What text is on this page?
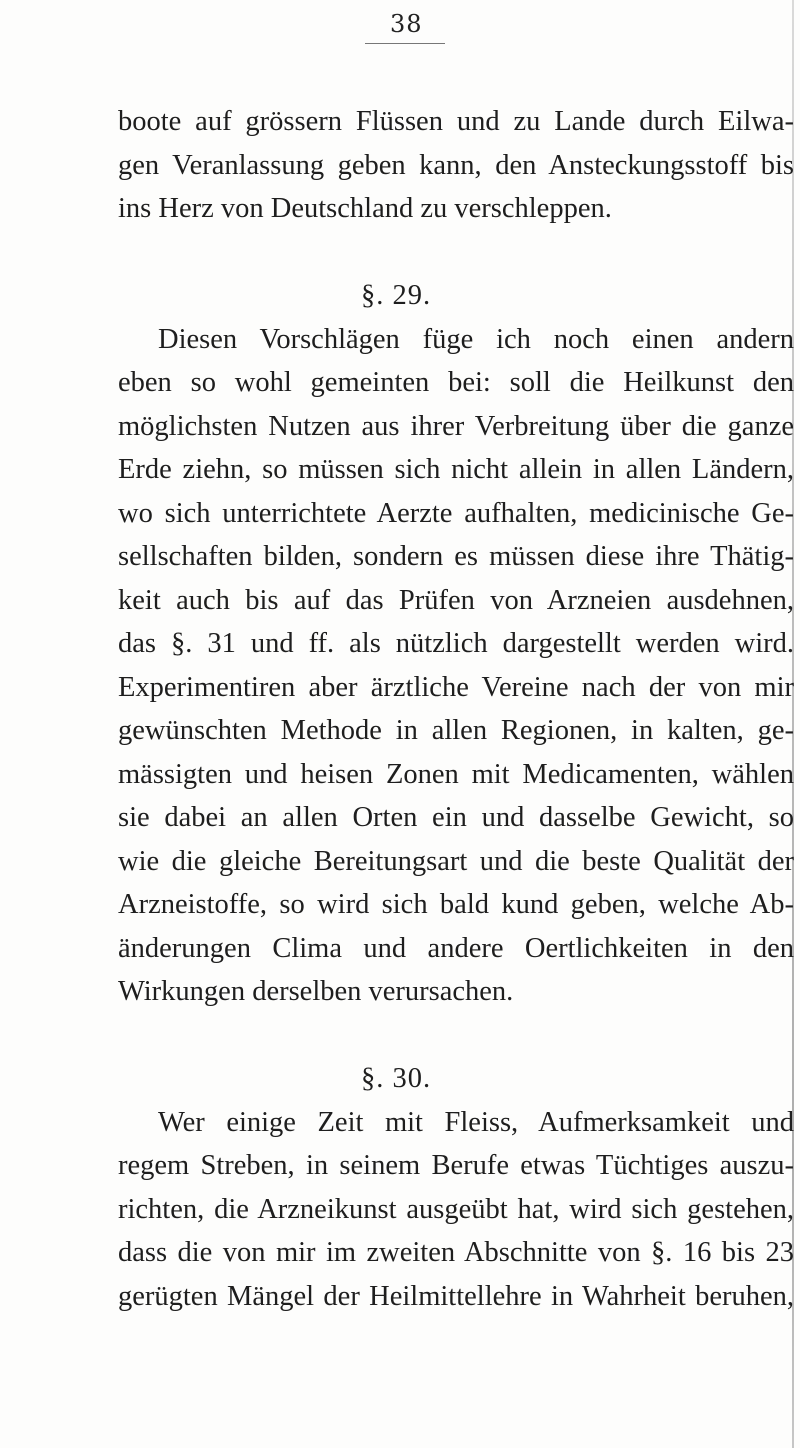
38
boote auf grössern Flüssen und zu Lande durch Eilwa-
gen Veranlassung geben kann, den Ansteckungsstoff bis
ins Herz von Deutschland zu verschleppen.
§. 29.
Diesen Vorschlägen füge ich noch einen andern
eben so wohl gemeinten bei: soll die Heilkunst den
möglichsten Nutzen aus ihrer Verbreitung über die ganze
Erde ziehn, so müssen sich nicht allein in allen Ländern,
wo sich unterrichtete Aerzte aufhalten, medicinische Ge-
sellschaften bilden, sondern es müssen diese ihre Thätig-
keit auch bis auf das Prüfen von Arzneien ausdehnen,
das §. 31 und ff. als nützlich dargestellt werden wird.
Experimentiren aber ärztliche Vereine nach der von mir
gewünschten Methode in allen Regionen, in kalten, ge-
mässigten und heisen Zonen mit Medicamenten, wählen
sie dabei an allen Orten ein und dasselbe Gewicht, so
wie die gleiche Bereitungsart und die beste Qualität der
Arzneistoffe, so wird sich bald kund geben, welche Ab-
änderungen Clima und andere Oertlichkeiten in den
Wirkungen derselben verursachen.
§. 30.
Wer einige Zeit mit Fleiss, Aufmerksamkeit und
regem Streben, in seinem Berufe etwas Tüchtiges auszu-
richten, die Arzneikunst ausgeübt hat, wird sich gestehen,
dass die von mir im zweiten Abschnitte von §. 16 bis 23
gerügten Mängel der Heilmittellehre in Wahrheit beruhen,
